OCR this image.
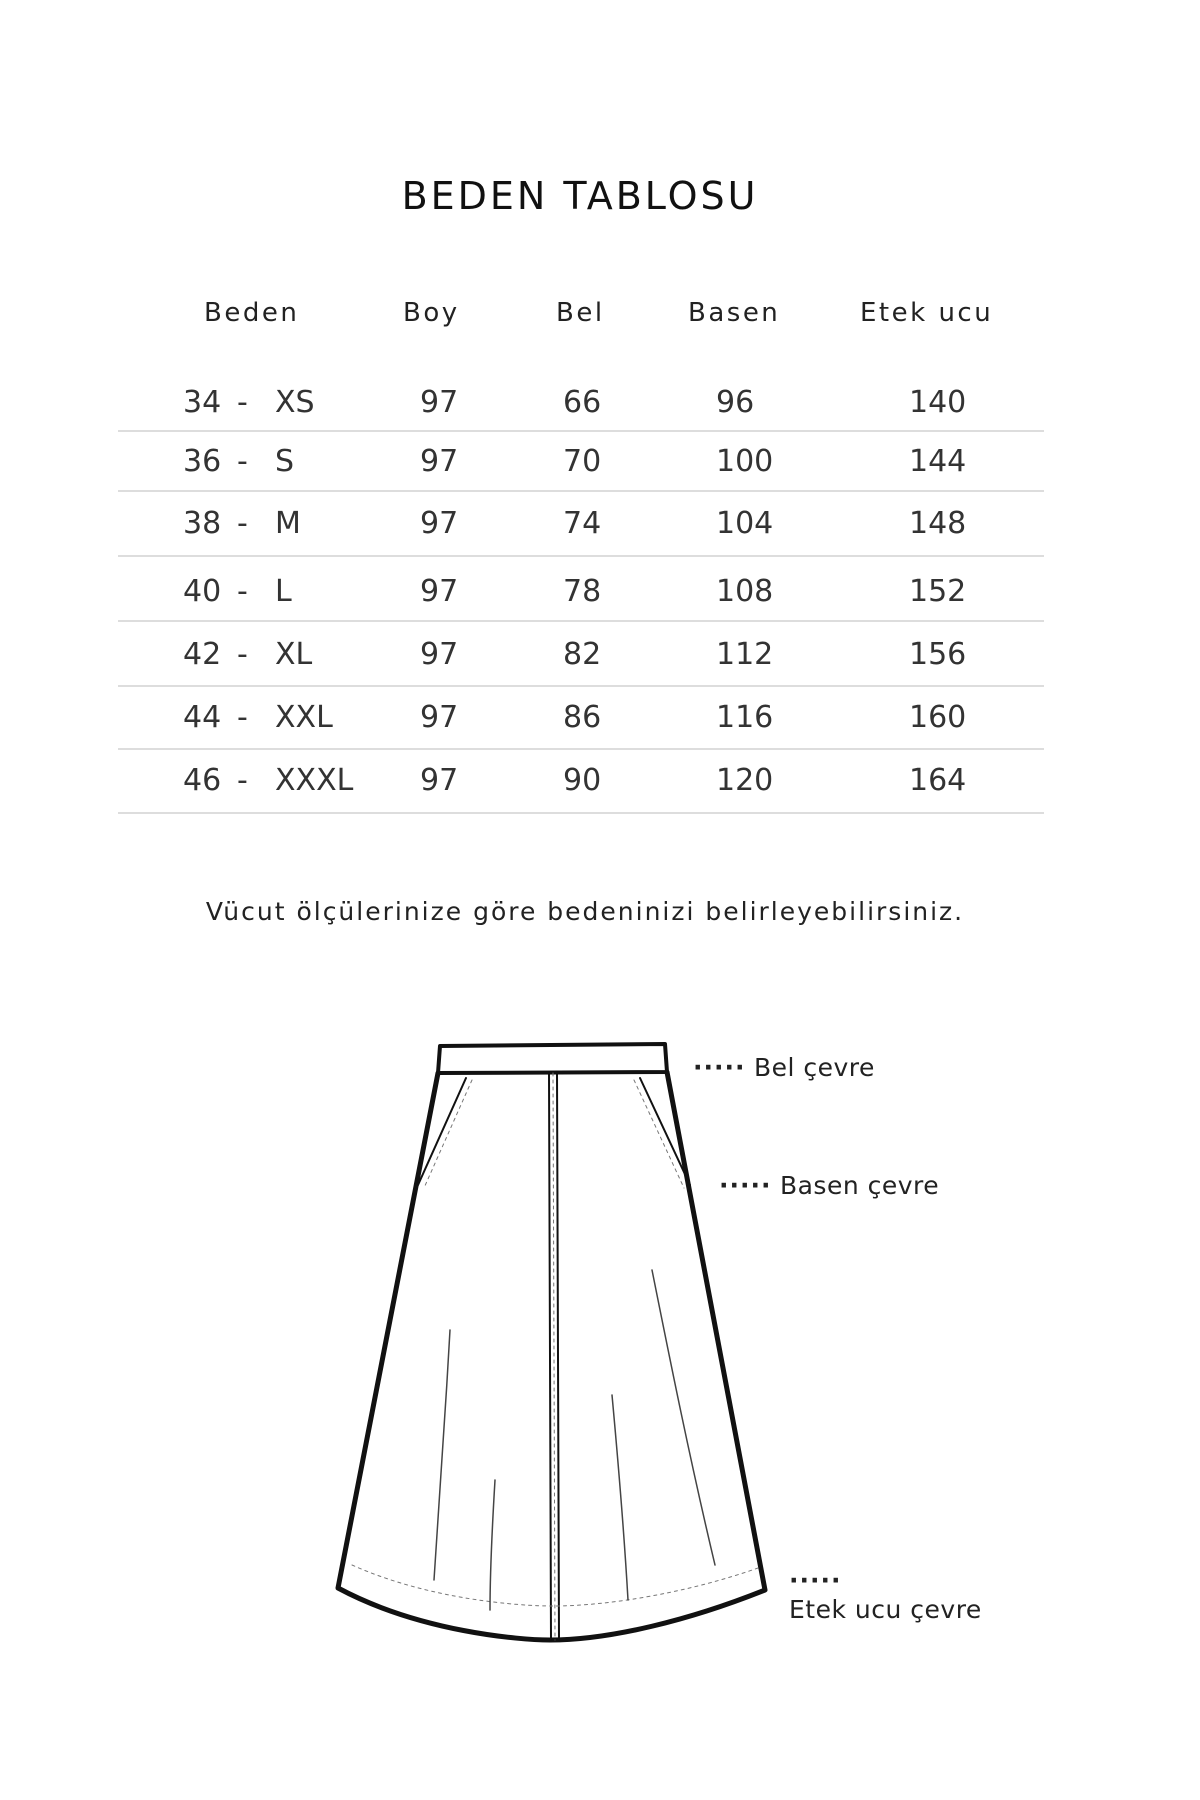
BEDEN TABLOSU
Beden	Boy	Bel	Basen	Etek ucu
34 - XS	97	66	96	140
36 - S	97	70	100	144
38 - M	97	74	104	148
40 - L	97	78	108	152
42 - XL	97	82	112	156
44 - XXL	97	86	116	160
46 - XXXL 97	90	120	164
Vücut ölçülerinize göre bedeninizi belirleyebilirsiniz.
····· Bel çevre
····· Basen çevre
·····
Etek ucu çevre
